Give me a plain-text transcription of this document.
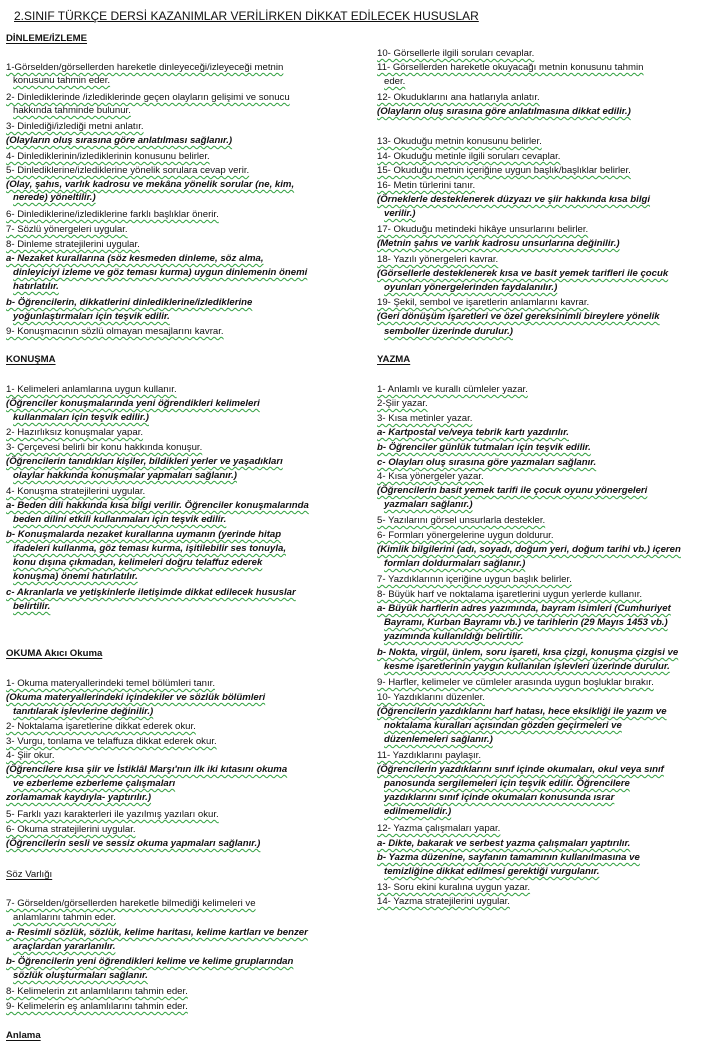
2.SINIF TÜRKÇE DERSİ KAZANIMLAR VERİLİRKEN DİKKAT EDİLECEK HUSUSLAR
DİNLEME/İZLEME
1-Görselden/görsellerden hareketle dinleyeceği/izleyeceği metnin
konusunu tahmin eder.
2- Dinlediklerinde /izlediklerinde geçen olayların gelişimi ve sonucu
hakkında tahminde bulunur.
3- Dinlediği/izlediği metni anlatır.
(Olayların oluş sırasına göre anlatılması sağlanır.)
4- Dinlediklerinin/izlediklerinin konusunu belirler.
5- Dinlediklerine/izlediklerine yönelik sorulara cevap verir.
(Olay, şahıs, varlık kadrosu ve mekâna yönelik sorular (ne, kim,
nerede) yöneltilir.)
6- Dinlediklerine/izlediklerine farklı başlıklar önerir.
7- Sözlü yönergeleri uygular.
8- Dinleme stratejilerini uygular.
a- Nezaket kurallarına (söz kesmeden dinleme, söz alma,
dinleyiciyi izleme ve göz teması kurma) uygun dinlemenin önemi
hatırlatılır.
b- Öğrencilerin, dikkatlerini dinlediklerine/izlediklerine
yoğunlaştırmaları için teşvik edilir.
9- Konuşmacının sözlü olmayan mesajlarını kavrar.
KONUŞMA
1- Kelimeleri anlamlarına uygun kullanır.
(Öğrenciler konuşmalarında yeni öğrendikleri kelimeleri
kullanmaları için teşvik edilir.)
2- Hazırlıksız konuşmalar yapar.
3- Çerçevesi belirli bir konu hakkında konuşur.
(Öğrencilerin tanıdıkları kişiler, bildikleri yerler ve yaşadıkları
olaylar hakkında konuşmalar yapmaları sağlanır.)
4- Konuşma stratejilerini uygular.
a- Beden dili hakkında kısa bilgi verilir. Öğrenciler konuşmalarında
beden dilini etkili kullanmaları için teşvik edilir.
b- Konuşmalarda nezaket kurallarına uymanın (yerinde hitap
ifadeleri kullanma, göz teması kurma, işitilebilir ses tonuyla,
konu dışına çıkmadan, kelimeleri doğru telaffuz ederek
konuşma) önemi hatırlatılır.
c- Akranlarla ve yetişkinlerle iletişimde dikkat edilecek hususlar
belirtilir.
OKUMA Akıcı Okuma
1- Okuma materyallerindeki temel bölümleri tanır.
(Okuma materyallerindeki içindekiler ve sözlük bölümleri
tanıtılarak işlevlerine değinilir.)
2- Noktalama işaretlerine dikkat ederek okur.
3- Vurgu, tonlama ve telaffuza dikkat ederek okur.
4- Şiir okur.
(Öğrencilere kısa şiir ve İstiklâl Marşı'nın ilk iki kıtasını okuma
ve ezberleme ezberleme çalışmaları
zorlamamak kaydıyla- yaptırılır.)
5- Farklı yazı karakterleri ile yazılmış yazıları okur.
6- Okuma stratejilerini uygular.
(Öğrencilerin sesli ve sessiz okuma yapmaları sağlanır.)
Söz Varlığı
7- Görselden/görsellerden hareketle bilmediği kelimeleri ve
anlamlarını tahmin eder.
a- Resimli sözlük, sözlük, kelime haritası, kelime kartları ve benzer
araçlardan yararlanılır.
b- Öğrencilerin yeni öğrendikleri kelime ve kelime gruplarından
sözlük oluşturmaları sağlanır.
8- Kelimelerin zıt anlamlılarını tahmin eder.
9- Kelimelerin eş anlamlılarını tahmin eder.
Anlama
10- Görsellerle ilgili soruları cevaplar.
11- Görsellerden hareketle okuyacağı metnin konusunu tahmin
eder.
12- Okuduklarını ana hatlarıyla anlatır.
(Olayların oluş sırasına göre anlatılmasına dikkat edilir.)
13- Okuduğu metnin konusunu belirler.
14- Okuduğu metinle ilgili soruları cevaplar.
15- Okuduğu metnin içeriğine uygun başlık/başlıklar belirler.
16- Metin türlerini tanır.
(Örneklerle desteklenerek düzyazı ve şiir hakkında kısa bilgi
verilir.)
17- Okuduğu metindeki hikâye unsurlarını belirler.
(Metnin şahıs ve varlık kadrosu unsurlarına değinilir.)
18- Yazılı yönergeleri kavrar.
(Görsellerle desteklenerek kısa ve basit yemek tarifleri ile çocuk
oyunları yönergelerinden faydalanılır.)
19- Şekil, sembol ve işaretlerin anlamlarını kavrar.
(Geri dönüşüm işaretleri ve özel gereksinimli bireylere yönelik
semboller üzerinde durulur.)
YAZMA
1- Anlamlı ve kurallı cümleler yazar.
2-Şiir yazar.
3- Kısa metinler yazar.
a- Kartpostal ve/veya tebrik kartı yazdırılır.
b- Öğrenciler günlük tutmaları için teşvik edilir.
c- Olayları oluş sırasına göre yazmaları sağlanır.
4- Kısa yönergeler yazar.
(Öğrencilerin basit yemek tarifi ile çocuk oyunu yönergeleri
yazmaları sağlanır.)
5- Yazılarını görsel unsurlarla destekler.
6- Formları yönergelerine uygun doldurur.
(Kimlik bilgilerini (adı, soyadı, doğum yeri, doğum tarihi vb.) içeren
formları doldurmaları sağlanır.)
7- Yazdıklarının içeriğine uygun başlık belirler.
8- Büyük harf ve noktalama işaretlerini uygun yerlerde kullanır.
a- Büyük harflerin adres yazımında, bayram isimleri (Cumhuriyet
Bayramı, Kurban Bayramı vb.) ve tarihlerin (29 Mayıs 1453 vb.)
yazımında kullanıldığı belirtilir.
b- Nokta, virgül, ünlem, soru işareti, kısa çizgi, konuşma çizgisi ve
kesme işaretlerinin yaygın kullanılan işlevleri üzerinde durulur.
9- Harfler, kelimeler ve cümleler arasında uygun boşluklar bırakır.
10- Yazdıklarını düzenler.
(Öğrencilerin yazdıklarını harf hatası, hece eksikliği ile yazım ve
noktalama kuralları açısından gözden geçirmeleri ve
düzenlemeleri sağlanır.)
11- Yazdıklarını paylaşır.
(Öğrencilerin yazdıklarını sınıf içinde okumaları, okul veya sınıf
panosunda sergilemeleri için teşvik edilir. Öğrencilere
yazdıklarını sınıf içinde okumaları konusunda ısrar
edilmemelidir.)
12- Yazma çalışmaları yapar.
a- Dikte, bakarak ve serbest yazma çalışmaları yaptırılır.
b- Yazma düzenine, sayfanın tamamının kullanılmasına ve
temizliğine dikkat edilmesi gerektiği vurgulanır.
13- Soru ekini kuralına uygun yazar.
14- Yazma stratejilerini uygular.
